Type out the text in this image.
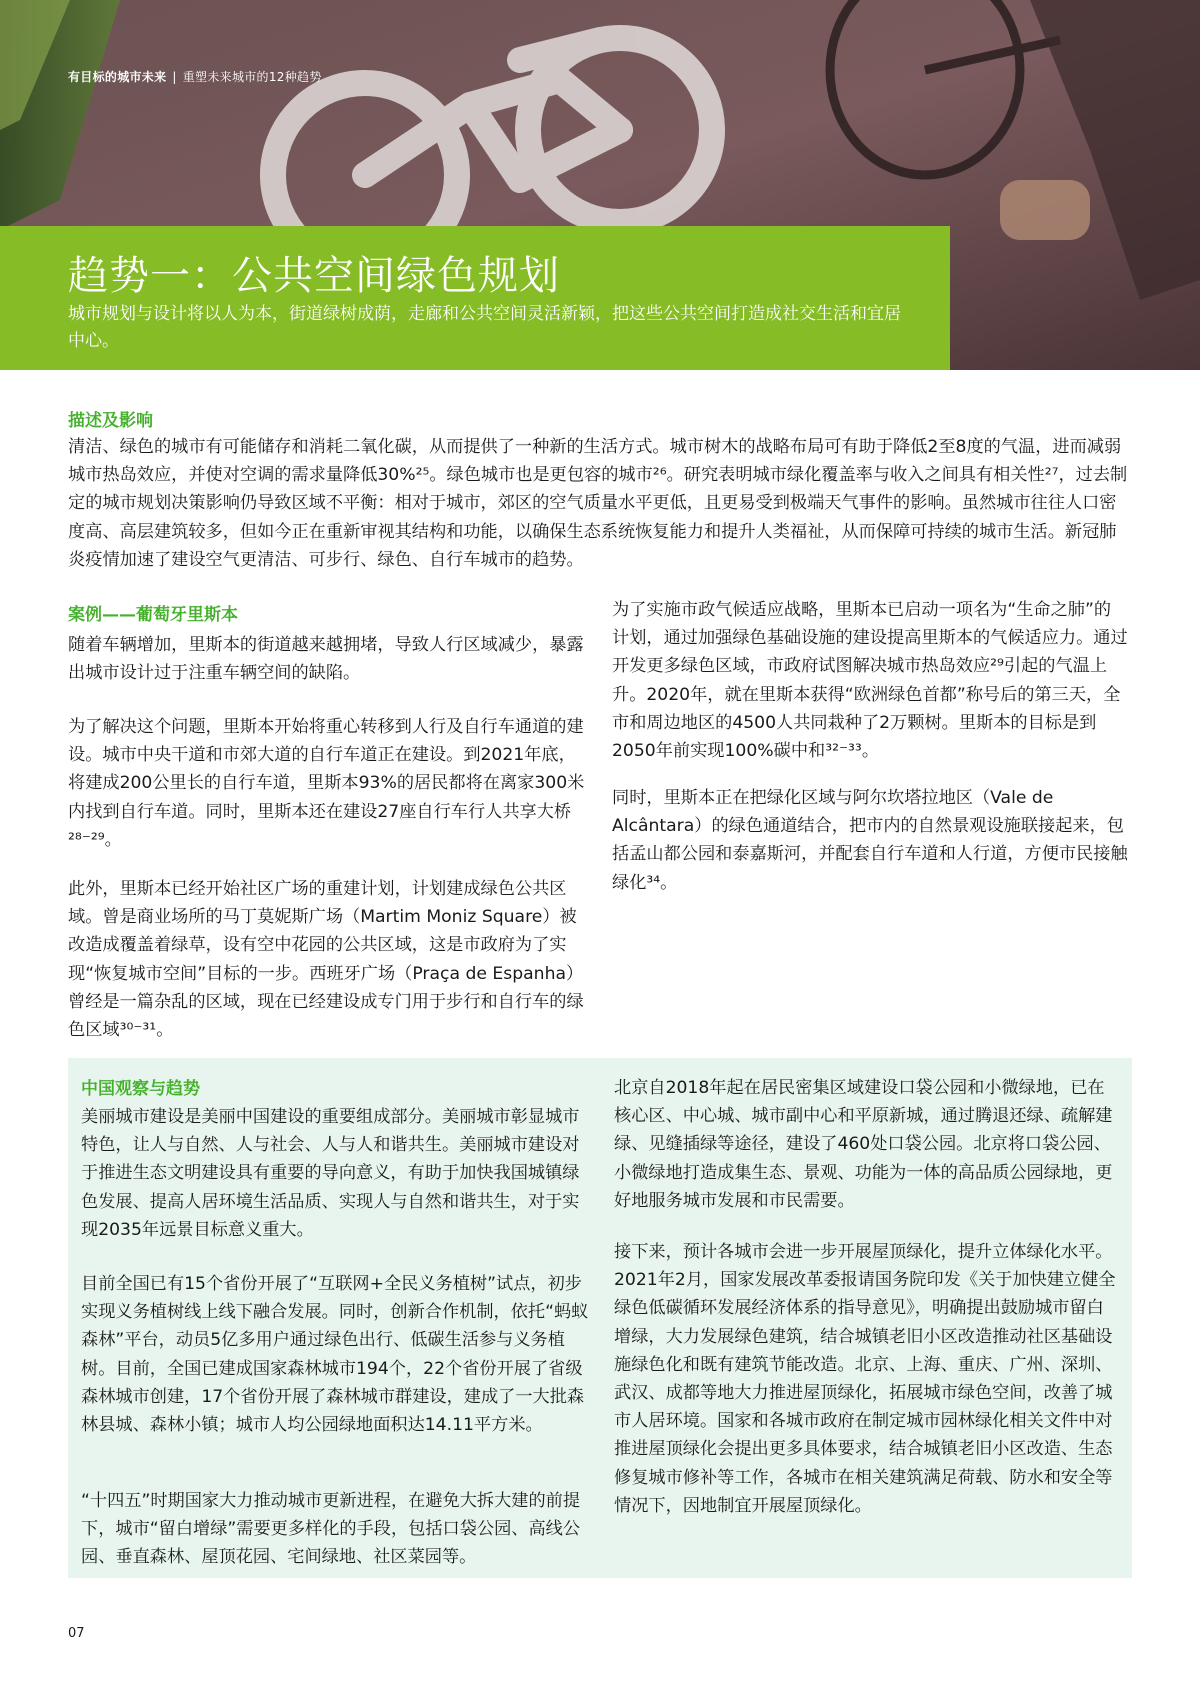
有目标的城市未来 | 重塑未来城市的12种趋势
趋势一：公共空间绿色规划

城市规划与设计将以人为本，街道绿树成荫，走廊和公共空间灵活新颖，把这些公共空间打造成社交生活和宜居中心。

描述及影响

清洁、绿色的城市有可能储存和消耗二氧化碳，从而提供了一种新的生活方式。城市树木的战略布局可有助于降低2至8度的气温，进而减弱城市热岛效应，并使对空调的需求量降低30%²⁵。绿色城市也是更包容的城市²⁶。研究表明城市绿化覆盖率与收入之间具有相关性²⁷，过去制定的城市规划决策影响仍导致区域不平衡：相对于城市，郊区的空气质量水平更低，且更易受到极端天气事件的影响。虽然城市往往人口密度高、高层建筑较多，但如今正在重新审视其结构和功能，以确保生态系统恢复能力和提升人类福祉，从而保障可持续的城市生活。新冠肺炎疫情加速了建设空气更清洁、可步行、绿色、自行车城市的趋势。

案例——葡萄牙里斯本

随着车辆增加，里斯本的街道越来越拥堵，导致人行区域减少，暴露出城市设计过于注重车辆空间的缺陷。

为了解决这个问题，里斯本开始将重心转移到人行及自行车通道的建设。城市中央干道和市郊大道的自行车道正在建设。到2021年底，将建成200公里长的自行车道，里斯本93%的居民都将在离家300米内找到自行车道。同时，里斯本还在建设27座自行车行人共享大桥²⁸⁻²⁹。

此外，里斯本已经开始社区广场的重建计划，计划建成绿色公共区域。曾是商业场所的马丁莫妮斯广场（Martim Moniz Square）被改造成覆盖着绿草，设有空中花园的公共区域，这是市政府为了实现“恢复城市空间”目标的一步。西班牙广场（Praça de Espanha）曾经是一篇杂乱的区域，现在已经建设成专门用于步行和自行车的绿色区域³⁰⁻³¹。

为了实施市政气候适应战略，里斯本已启动一项名为“生命之肺”的计划，通过加强绿色基础设施的建设提高里斯本的气候适应力。通过开发更多绿色区域，市政府试图解决城市热岛效应²⁹引起的气温上升。2020年，就在里斯本获得“欧洲绿色首都”称号后的第三天，全市和周边地区的4500人共同栽种了2万颗树。里斯本的目标是到2050年前实现100%碳中和³²⁻³³。

同时，里斯本正在把绿化区域与阿尔坎塔拉地区（Vale de Alcântara）的绿色通道结合，把市内的自然景观设施联接起来，包括孟山都公园和泰嘉斯河，并配套自行车道和人行道，方便市民接触绿化³⁴。

中国观察与趋势

美丽城市建设是美丽中国建设的重要组成部分。美丽城市彰显城市特色，让人与自然、人与社会、人与人和谐共生。美丽城市建设对于推进生态文明建设具有重要的导向意义，有助于加快我国城镇绿色发展、提高人居环境生活品质、实现人与自然和谐共生，对于实现2035年远景目标意义重大。

目前全国已有15个省份开展了“互联网+全民义务植树”试点，初步实现义务植树线上线下融合发展。同时，创新合作机制，依托“蚂蚁森林”平台，动员5亿多用户通过绿色出行、低碳生活参与义务植树。目前，全国已建成国家森林城市194个，22个省份开展了省级森林城市创建，17个省份开展了森林城市群建设，建成了一大批森林县城、森林小镇；城市人均公园绿地面积达14.11平方米。

“十四五”时期国家大力推动城市更新进程，在避免大拆大建的前提下，城市“留白增绿”需要更多样化的手段，包括口袋公园、高线公园、垂直森林、屋顶花园、宅间绿地、社区菜园等。

北京自2018年起在居民密集区域建设口袋公园和小微绿地，已在核心区、中心城、城市副中心和平原新城，通过腾退还绿、疏解建绿、见缝插绿等途径，建设了460处口袋公园。北京将口袋公园、小微绿地打造成集生态、景观、功能为一体的高品质公园绿地，更好地服务城市发展和市民需要。

接下来，预计各城市会进一步开展屋顶绿化，提升立体绿化水平。2021年2月，国家发展改革委报请国务院印发《关于加快建立健全绿色低碳循环发展经济体系的指导意见》，明确提出鼓励城市留白增绿，大力发展绿色建筑，结合城镇老旧小区改造推动社区基础设施绿色化和既有建筑节能改造。北京、上海、重庆、广州、深圳、武汉、成都等地大力推进屋顶绿化，拓展城市绿色空间，改善了城市人居环境。国家和各城市政府在制定城市园林绿化相关文件中对推进屋顶绿化会提出更多具体要求，结合城镇老旧小区改造、生态修复城市修补等工作，各城市在相关建筑满足荷载、防水和安全等情况下，因地制宜开展屋顶绿化。

07
